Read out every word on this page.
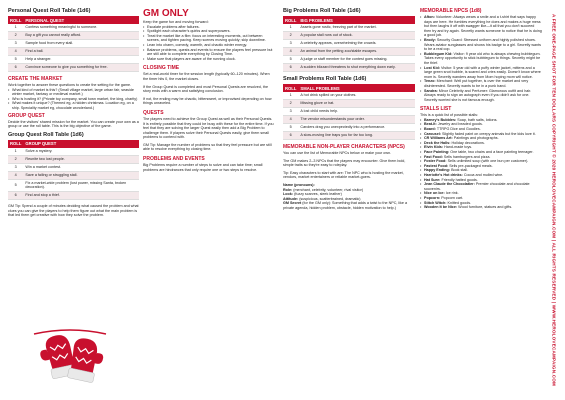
Personal Quest Roll Table (1d6)
ROLL	PERSONAL QUEST
1	Confess something meaningful to someone.
2	Buy a gift you cannot really afford.
3	Sample food from every stall.
4	Find a ball.
5	Help a stranger.
6	Convince someone to give you something for free.
CREATE THE MARKET

Work together to answer these questions to create the setting for the game.

• What kind of market is this? (Small village market, large urban fair, seaside winter market, fantasy or medieval market.)
• Who is hosting it? (Private toy company, small town market, the king, charity)
• What makes it unique? (Themed eg, a hidden christmas. Location eg, on a ship. Speciality market eg, chocolate wonderland.)
GROUP QUEST

Decide the visitors' shared mission for the market. You can create your own as a group or use the roll table. This is the big objective of the game.

Group Quest Roll Table (1d6)
ROLL	GROUP QUEST
1	Solve a mystery.
2	Reunite two lost people.
3	Win a market contest.
4	Save a failing or struggling stall.
5	Fix a market-wide problem (lost power, missing Santa, broken decoration).
6	Find and stop a thief.

GM Tip: Spend a couple of minutes deciding what caused the problem and what clues you can give the players to help them figure out what the main problem is that led them get creative with how they solve the problem.

GM ONLY

Keep the game fun and moving forward:

• Escalate problems after failures.
• Spotlight each character's quirks and superpowers.
• Treat the market like a film: focus on interesting moments, cut between scenes, and tighten pacing. Keep scenes moving quickly; skip downtime.
• Lean into charm, comedy, warmth, and chaotic winter energy.
• Balance problems, quests and events to ensure the players feel pressure but are still able to complete everything by Closing Time.
• Make sure that players are aware of the running clock.
CLOSING TIME

Set a real-world timer for the session length (typically 60–120 minutes). When the timer hits 0, the market closes.

If the Group Quest is completed and most Personal Quests are resolved, the story ends with a warm and satisfying conclusion.

If not, the ending may be chaotic, bittersweet, or improvised depending on how things unraveled.

QUESTS

The players need to achieve the Group Quest as well as their Personal Quests. It is entirely possible that they could be busy with these for the entire time. If you feel that they are solving the larger Quest easily then add a Big Problem to challenge them. If players solve their Personal Quests easily, give them small problems to contend with.

GM Tip: Manage the number of problems so that they feel pressure but are still able to resolve everything by closing time.

PROBLEMS AND EVENTS

Big Problems require a number of steps to solve and can take time; small problems are hindrances that only require one or two steps to resolve.

Big Problems Roll Table (1d6)
ROLL	BIG PROBLEMS
1	Assets gone rustic, freezing part of the market.
2	A popular stall runs out of stock.
3	A celebrity appears, overwhelming the crowds.
4	An animal from the petting zoo/stable escapes.
5	A judge or staff member for the contest goes missing.
6	A sudden blizzard threatens to shut everything down early.
Small Problems Roll Table (1d6)
ROLL	SMALL PROBLEMS
1	A hot drink spilled on your clothes.
2	Missing glove or hat.
3	A lost child needs help.
4	The vendor misunderstands your order.
5	Carolers drag you unexpectedly into a performance.
6	A slow-moving line traps you for far too long.
MEMORABLE NON-PLAYER CHARACTERS (NPCS)

You can use the list of Memorable NPCs below or make your own.

The GM makes 2–3 NPCs that the players may encounter. Give them bold, simple traits so they're easy to roleplay.

Tip: Easy characters to start with are: The NPC who is hosting the market, vendors, market entertainers or reliable market-goers.

Name (pronouns):

Role: (merchant, celebrity, volunteer, rival visitor)

Look: (fuzzy scarves, sleek leather)

Attitude: (suspicious, scatterbrained, dramatic)

GM Secret (for the GM only): Something that adds a twist to the NPC, like a private agenda, hidden problem, obstacle, hidden motivation to help.)

MEMORABLE NPCS (1d8)
• Afton: Volunteer: Always wears a smile and a t-shirt that says happy days are here. He fumbles everything he does and makes a huge mess but then laughs it off with swagger like—it all that you don't succeed then try and try again. Secretly wants someone to notice that he is doing a good job.
• Brody: Security Guard: Stressed uniform and highly polished shoes. Wears aviator sunglasses and shows his badge to a girl. Secretly wants to be a real cop.
• Bubblegum Kid: Visitor: 9 year old who is always chewing bubblegum. Takes every opportunity to stick bubblegum to things. Secretly might be the thief.
• Lost Kid: Visitor: 5 year old with a puffy winter jacket, mittens and a large green snot bubble, is scared and cries easily. Doesn't know where mom is. Secretly wanders away from Mom hoping mom will notice.
• Tenzo: Merchant: Well put together, is over the market and very disinterested. Secretly wants to be in a punk band.
• Sandra: Minor Celebrity and Perfumer: Glamorous outfit and hair. Always ready to sign an autograph even if you didn't ask for one. Secretly worried she is not famous enough.
STALLS LIST

This is a quick list of possible stalls:

• Barney's Bubbles: Soap, bath salts, lotions.
• Beat-It: Jewelry and beaded goods.
• Board: TTRPG Dice and Goodies.
• Carousel: Slightly faded paint on creepy animals but the kids love it.
• CR Williams Art: Paintings and photographs.
• Deck the Halls: Holiday decorations.
• Elvin Kids: Hand-made toys.
• Face Painting: One table, two chairs and a face painting teenager.
• Fast Food: Sells hamburgers and pizza.
• Foster Food: Sells unlimited soup (with one bun per customer).
• Fastest Food: Sells pre-packaged meals.
• Happy Ending: Book stall.
• Harriotte's Hot drinks: Cocoa and mulled wine.
• Hat Sure: Friendly hatted goods.
• Jean Claude the Chocolatier: Premier chocolate and chocolate souvenirs.
• Nice on Ice: Ice rink.
• Popcorn: Popcorn cart.
• Stitch Witch: Knitted goods.
• Wooden It be Nice: Wood furniture, statues and gifts.	A FREE ONE-PAGE SHOT FOR TEN DOLLARS COPYRIGHT © 2020 HEROLOVECAMPAIGN.COM | ALL RIGHTS RESERVED | WWW.HEROLOVECAMPAIGN.COM
